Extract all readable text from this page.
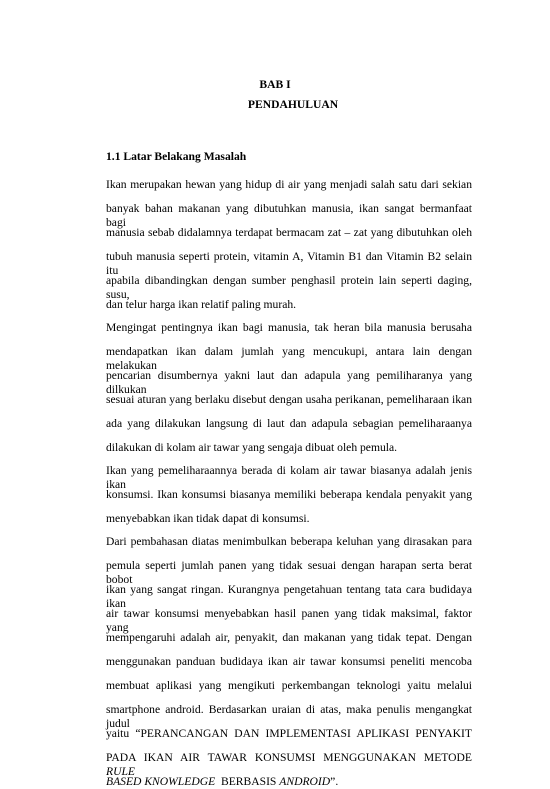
BAB I
PENDAHULUAN
1.1 Latar Belakang Masalah
Ikan merupakan hewan yang hidup di air yang menjadi salah satu dari sekian
banyak bahan makanan yang dibutuhkan manusia, ikan sangat bermanfaat bagi
manusia sebab didalamnya terdapat bermacam zat – zat yang dibutuhkan oleh
tubuh manusia seperti protein, vitamin A, Vitamin B1 dan Vitamin B2 selain itu
apabila dibandingkan dengan sumber penghasil protein lain seperti daging, susu,
dan telur harga ikan relatif paling murah.
Mengingat pentingnya ikan bagi manusia, tak heran bila manusia berusaha
mendapatkan ikan dalam jumlah yang mencukupi, antara lain dengan melakukan
pencarian disumbernya yakni laut dan adapula yang pemiliharanya yang dilkukan
sesuai aturan yang berlaku disebut dengan usaha perikanan, pemeliharaan ikan
ada yang dilakukan langsung di laut dan adapula sebagian pemeliharaanya
dilakukan di kolam air tawar yang sengaja dibuat oleh pemula.
Ikan yang pemeliharaannya berada di kolam air tawar biasanya adalah jenis ikan
konsumsi. Ikan konsumsi biasanya memiliki beberapa kendala penyakit yang
menyebabkan ikan tidak dapat di konsumsi.
Dari pembahasan diatas menimbulkan beberapa keluhan yang dirasakan para
pemula seperti jumlah panen yang tidak sesuai dengan harapan serta berat bobot
ikan yang sangat ringan. Kurangnya pengetahuan tentang tata cara budidaya ikan
air tawar konsumsi menyebabkan hasil panen yang tidak maksimal, faktor yang
mempengaruhi adalah air, penyakit, dan makanan yang tidak tepat. Dengan
menggunakan panduan budidaya ikan air tawar konsumsi peneliti mencoba
membuat aplikasi yang mengikuti perkembangan teknologi yaitu melalui
smartphone android. Berdasarkan uraian di atas, maka penulis mengangkat judul
yaitu “PERANCANGAN DAN IMPLEMENTASI APLIKASI PENYAKIT
PADA IKAN AIR TAWAR KONSUMSI MENGGUNAKAN METODE RULE
BASED KNOWLEDGE  BERBASIS ANDROID”.
